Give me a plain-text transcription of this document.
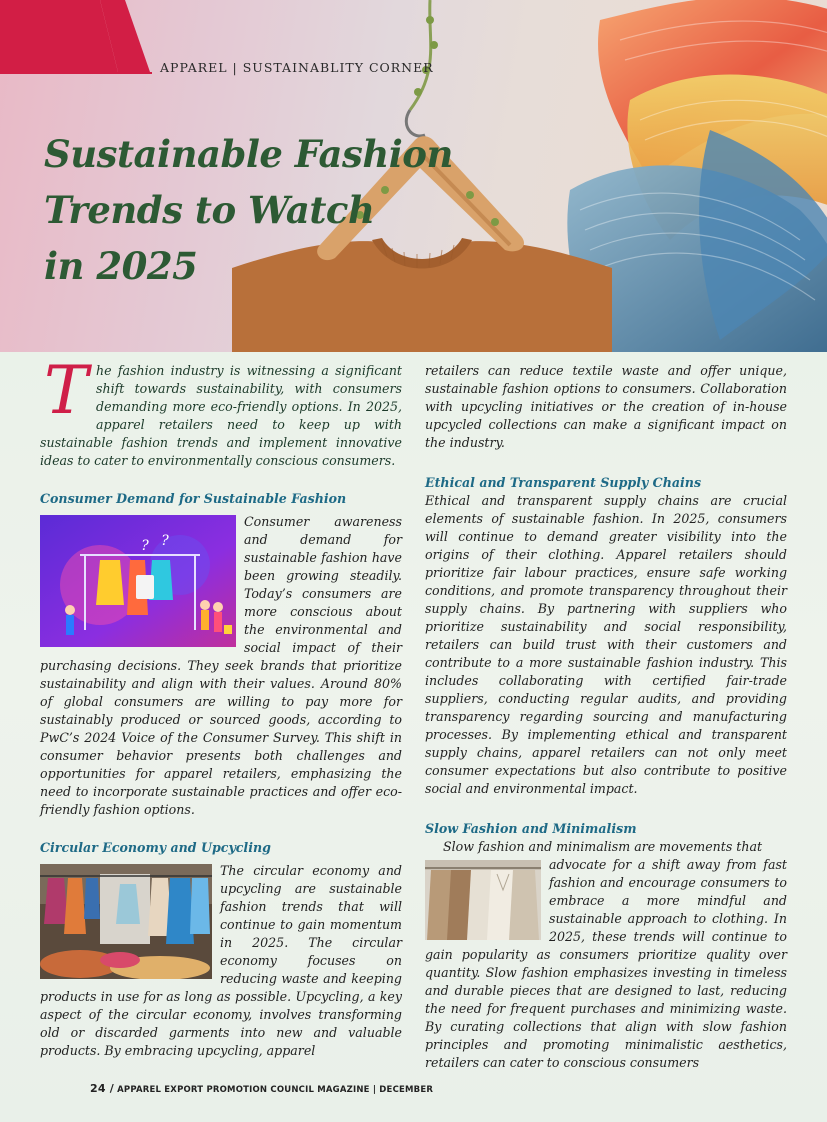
APPAREL | SUSTAINABLITY CORNER
Sustainable Fashion
Trends to Watch
in 2025
T he fashion industry is witnessing a significant shift towards sustainability, with consumers demanding more eco-friendly options. In 2025, apparel retailers need to keep up with sustainable fashion trends and implement innovative ideas to cater to environmentally conscious consumers.

Consumer Demand for Sustainable Fashion
? ?

Consumer awareness and demand for sustainable fashion have been growing steadily. Today’s consumers are more conscious about the environmental and social impact of their purchasing decisions. They seek brands that prioritize sustainability and align with their values. Around 80% of global consumers are willing to pay more for sustainably produced or sourced goods, according to PwC’s 2024 Voice of the Consumer Survey. This shift in consumer behavior presents both challenges and opportunities for apparel retailers, emphasizing the need to incorporate sustainable practices and offer eco-friendly fashion options.

Circular Economy and Upcycling

The circular economy and upcycling are sustainable fashion trends that will continue to gain momentum in 2025. The circular economy focuses on reducing waste and keeping products in use for as long as possible. Upcycling, a key aspect of the circular economy, involves transforming old or discarded garments into new and valuable products. By embracing upcycling, apparel

retailers can reduce textile waste and offer unique, sustainable fashion options to consumers. Collaboration with upcycling initiatives or the creation of in-house upcycled collections can make a significant impact on the industry.

Ethical and Transparent Supply Chains

Ethical and transparent supply chains are crucial elements of sustainable fashion. In 2025, consumers will continue to demand greater visibility into the origins of their clothing. Apparel retailers should prioritize fair labour practices, ensure safe working conditions, and promote transparency throughout their supply chains. By partnering with suppliers who prioritize sustainability and social responsibility, retailers can build trust with their customers and contribute to a more sustainable fashion industry. This includes collaborating with certified fair-trade suppliers, conducting regular audits, and providing transparency regarding sourcing and manufacturing processes. By implementing ethical and transparent supply chains, apparel retailers can not only meet consumer expectations but also contribute to positive social and environmental impact.

Slow Fashion and Minimalism

Slow fashion and minimalism are movements that

advocate for a shift away from fast fashion and encourage consumers to embrace a more mindful and sustainable approach to clothing. In 2025, these trends will continue to gain popularity as consumers prioritize quality over quantity. Slow fashion emphasizes investing in timeless and durable pieces that are designed to last, reducing the need for frequent purchases and minimizing waste. By curating collections that align with slow fashion principles and promoting minimalistic aesthetics, retailers can cater to conscious consumers

24 / APPAREL EXPORT PROMOTION COUNCIL MAGAZINE | DECEMBER
